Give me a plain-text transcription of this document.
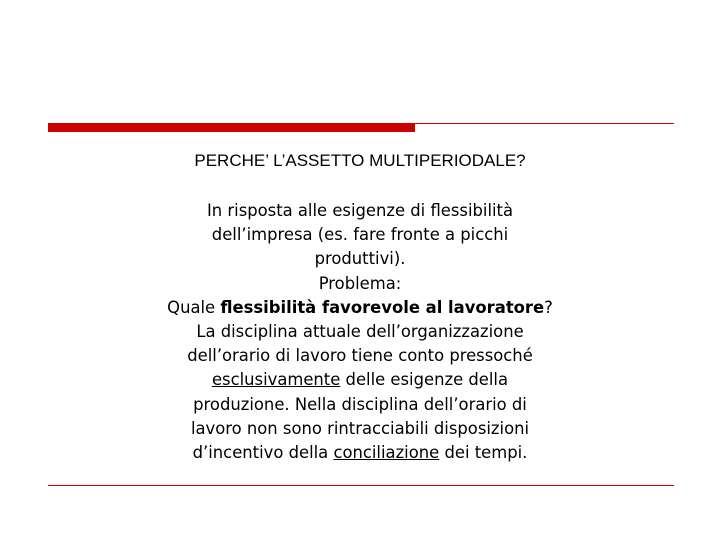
PERCHE’ L’ASSETTO MULTIPERIODALE?
In risposta alle esigenze di flessibilità
dell’impresa (es. fare fronte a picchi
produttivi).
Problema:
Quale flessibilità favorevole al lavoratore?
La disciplina attuale dell’organizzazione
dell’orario di lavoro tiene conto pressoché
esclusivamente delle esigenze della
produzione. Nella disciplina dell’orario di
lavoro non sono rintracciabili disposizioni
d’incentivo della conciliazione dei tempi.
